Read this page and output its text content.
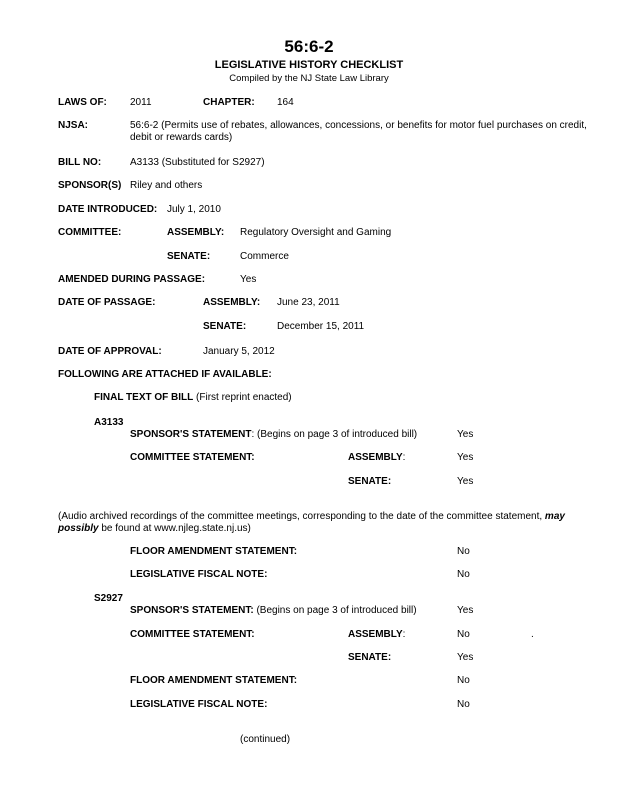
56:6-2
LEGISLATIVE HISTORY CHECKLIST
Compiled by the NJ State Law Library
LAWS OF: 2011	CHAPTER: 164
NJSA:	56:6-2 (Permits use of rebates, allowances, concessions, or benefits for motor fuel purchases on credit, debit or rewards cards)
BILL NO:	A3133 (Substituted for S2927)
SPONSOR(S) Riley and others
DATE INTRODUCED: July 1, 2010
COMMITTEE:	ASSEMBLY: Regulatory Oversight and Gaming
SENATE:	Commerce
AMENDED DURING PASSAGE:	Yes
DATE OF PASSAGE:	ASSEMBLY: June 23, 2011
SENATE:	December 15, 2011
DATE OF APPROVAL:	January 5, 2012
FOLLOWING ARE ATTACHED IF AVAILABLE:
FINAL TEXT OF BILL (First reprint enacted)
A3133
SPONSOR'S STATEMENT: (Begins on page 3 of introduced bill)	Yes
COMMITTEE STATEMENT:	ASSEMBLY:	Yes
SENATE:	Yes
(Audio archived recordings of the committee meetings, corresponding to the date of the committee statement, may possibly be found at www.njleg.state.nj.us)
FLOOR AMENDMENT STATEMENT:	No
LEGISLATIVE FISCAL NOTE:	No
S2927
SPONSOR'S STATEMENT: (Begins on page 3 of introduced bill)	Yes
COMMITTEE STATEMENT:	ASSEMBLY:	No	.
SENATE:	Yes
FLOOR AMENDMENT STATEMENT:	No
LEGISLATIVE FISCAL NOTE:	No
(continued)
